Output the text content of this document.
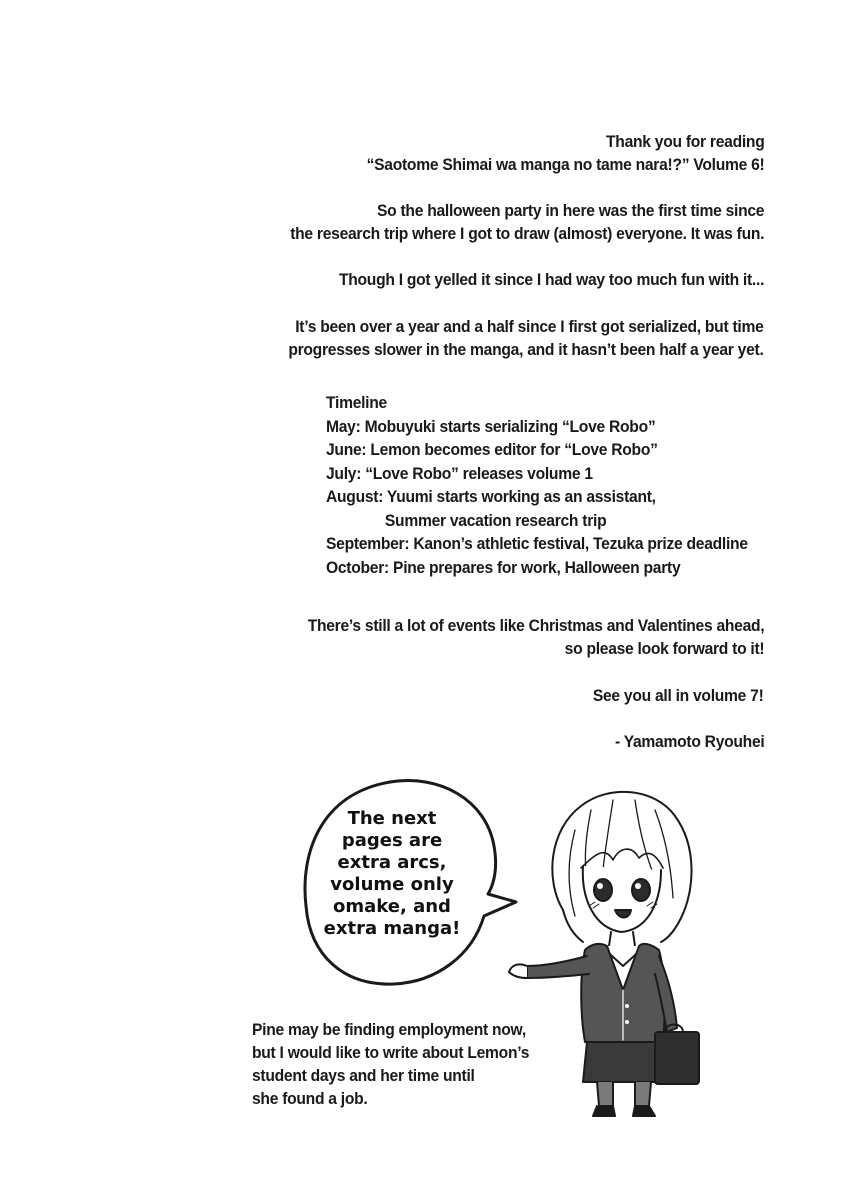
Thank you for reading
“Saotome Shimai wa manga no tame nara!?” Volume 6!
So the halloween party in here was the first time since
the research trip where I got to draw (almost) everyone. It was fun.
Though I got yelled it since I had way too much fun with it...
It’s been over a year and a half since I first got serialized, but time
progresses slower in the manga, and it hasn’t been half a year yet.
Timeline
May: Mobuyuki starts serializing “Love Robo”
June: Lemon becomes editor for “Love Robo”
July: “Love Robo” releases volume 1
August: Yuumi starts working as an assistant,
Summer vacation research trip
September: Kanon’s athletic festival, Tezuka prize deadline
October: Pine prepares for work, Halloween party
There’s still a lot of events like Christmas and Valentines ahead,
so please look forward to it!
See you all in volume 7!
- Yamamoto Ryouhei
The next
pages are
extra arcs,
volume only
omake, and
extra manga!
Pine may be finding employment now,
but I would like to write about Lemon’s
student days and her time until
she found a job.
